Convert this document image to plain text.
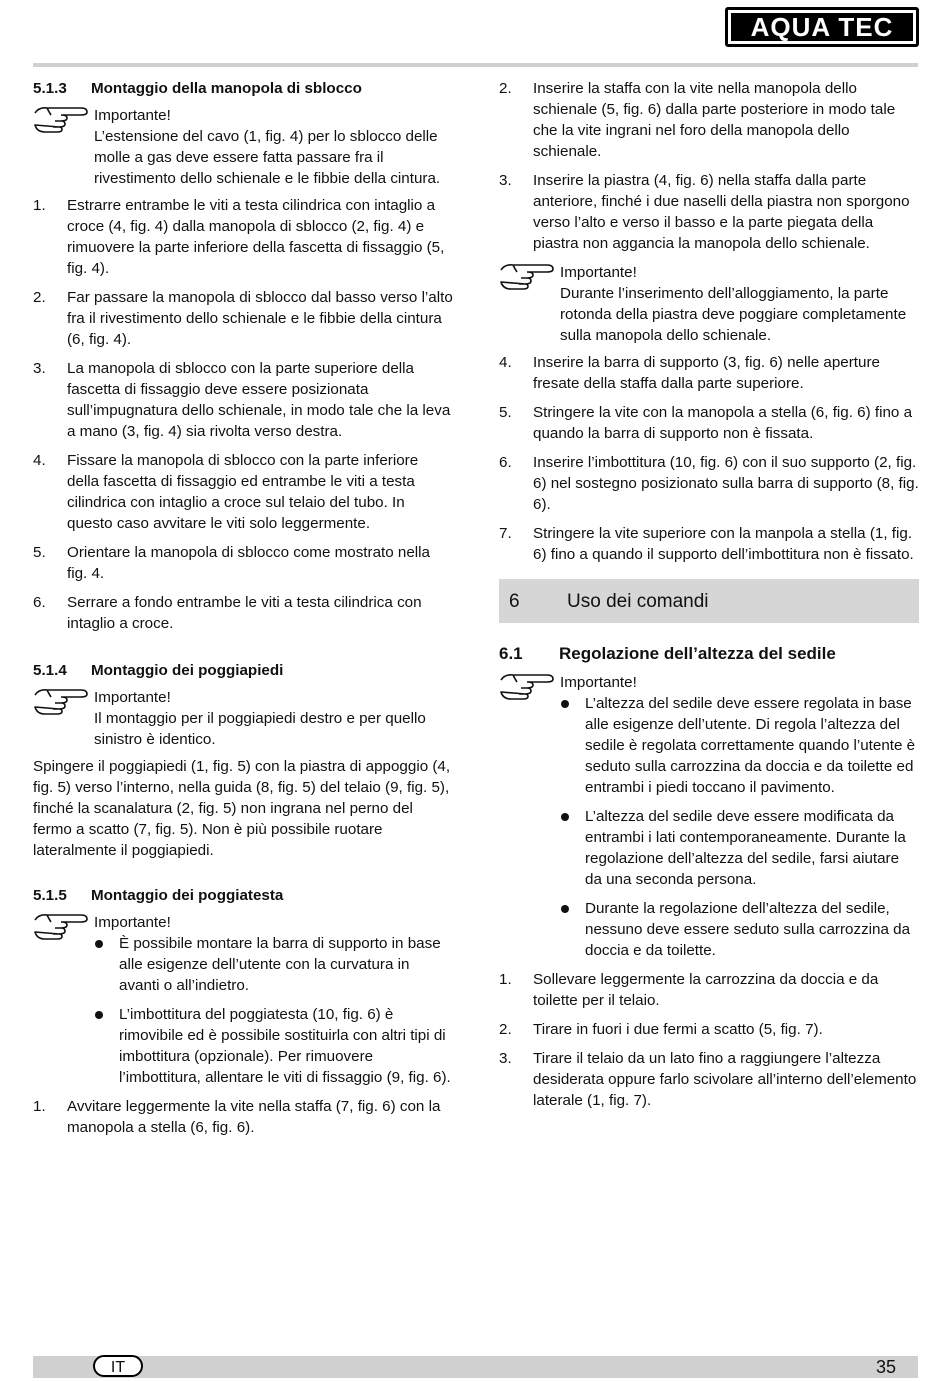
AQUA TEC
5.1.3	Montaggio della manopola di sblocco
Importante!
L’estensione del cavo (1, fig. 4) per lo sblocco delle molle a gas deve essere fatta passare fra il rivestimento dello schienale e le fibbie della cintura.
1. Estrarre entrambe le viti a testa cilindrica con intaglio a croce (4, fig. 4) dalla manopola di sblocco (2, fig. 4) e rimuovere la parte inferiore della fascetta di fissaggio (5, fig. 4).
2. Far passare la manopola di sblocco dal basso verso l’alto fra il rivestimento dello schienale e le fibbie della cintura (6, fig. 4).
3. La manopola di sblocco con la parte superiore della fascetta di fissaggio deve essere posizionata sull’impugnatura dello schienale, in modo tale che la leva a mano (3, fig. 4) sia rivolta verso destra.
4. Fissare la manopola di sblocco con la parte inferiore della fascetta di fissaggio ed entrambe le viti a testa cilindrica con intaglio a croce sul telaio del tubo. In questo caso avvitare le viti solo leggermente.
5. Orientare la manopola di sblocco come mostrato nella fig. 4.
6. Serrare a fondo entrambe le viti a testa cilindrica con intaglio a croce.
5.1.4	Montaggio dei poggiapiedi
Importante!
Il montaggio per il poggiapiedi destro e per quello sinistro è identico.

Spingere il poggiapiedi (1, fig. 5) con la piastra di appoggio (4, fig. 5) verso l’interno, nella guida (8, fig. 5) del telaio (9, fig. 5), finché la scanalatura (2, fig. 5) non ingrana nel perno del fermo a scatto (7, fig. 5). Non è più possibile ruotare lateralmente il poggiapiedi.

5.1.5	Montaggio dei poggiatesta
Importante!
È possibile montare la barra di supporto in base alle esigenze dell’utente con la curvatura in avanti o all’indietro.
L’imbottitura del poggiatesta (10, fig. 6) è rimovibile ed è possibile sostituirla con altri tipi di imbottitura (opzionale). Per rimuovere l’imbottitura, allentare le viti di fissaggio (9, fig. 6).
1. Avvitare leggermente la vite nella staffa (7, fig. 6) con la manopola a stella (6, fig. 6).
2. Inserire la staffa con la vite nella manopola dello schienale (5, fig. 6) dalla parte posteriore in modo tale che la vite ingrani nel foro della manopola dello schienale.
3. Inserire la piastra (4, fig. 6) nella staffa dalla parte anteriore, finché i due naselli della piastra non sporgono verso l’alto e verso il basso e la parte piegata della piastra non aggancia la manopola dello schienale.
Importante!
Durante l’inserimento dell’alloggiamento, la parte rotonda della piastra deve poggiare completamente sulla manopola dello schienale.
4. Inserire la barra di supporto (3, fig. 6) nelle aperture fresate della staffa dalla parte superiore.
5. Stringere la vite con la manopola a stella (6, fig. 6) fino a quando la barra di supporto non è fissata.
6. Inserire l’imbottitura (10, fig. 6) con il suo supporto (2, fig. 6) nel sostegno posizionato sulla barra di supporto (8, fig. 6).
7. Stringere la vite superiore con la manpola a stella (1, fig. 6) fino a quando il supporto dell’imbottitura non è fissato.
6	Uso dei comandi
6.1	Regolazione dell’altezza del sedile
Importante!
L’altezza del sedile deve essere regolata in base alle esigenze dell’utente. Di regola l’altezza del sedile è regolata correttamente quando l’utente è seduto sulla carrozzina da doccia e da toilette ed entrambi i piedi toccano il pavimento.
L’altezza del sedile deve essere modificata da entrambi i lati contemporaneamente. Durante la regolazione dell’altezza del sedile, farsi aiutare da una seconda persona.
Durante la regolazione dell’altezza del sedile, nessuno deve essere seduto sulla carrozzina da doccia e da toilette.
1. Sollevare leggermente la carrozzina da doccia e da toilette per il telaio.
2. Tirare in fuori i due fermi a scatto (5, fig. 7).
3. Tirare il telaio da un lato fino a raggiungere l’altezza desiderata oppure farlo scivolare all’interno dell’elemento laterale (1, fig. 7).
IT	35
